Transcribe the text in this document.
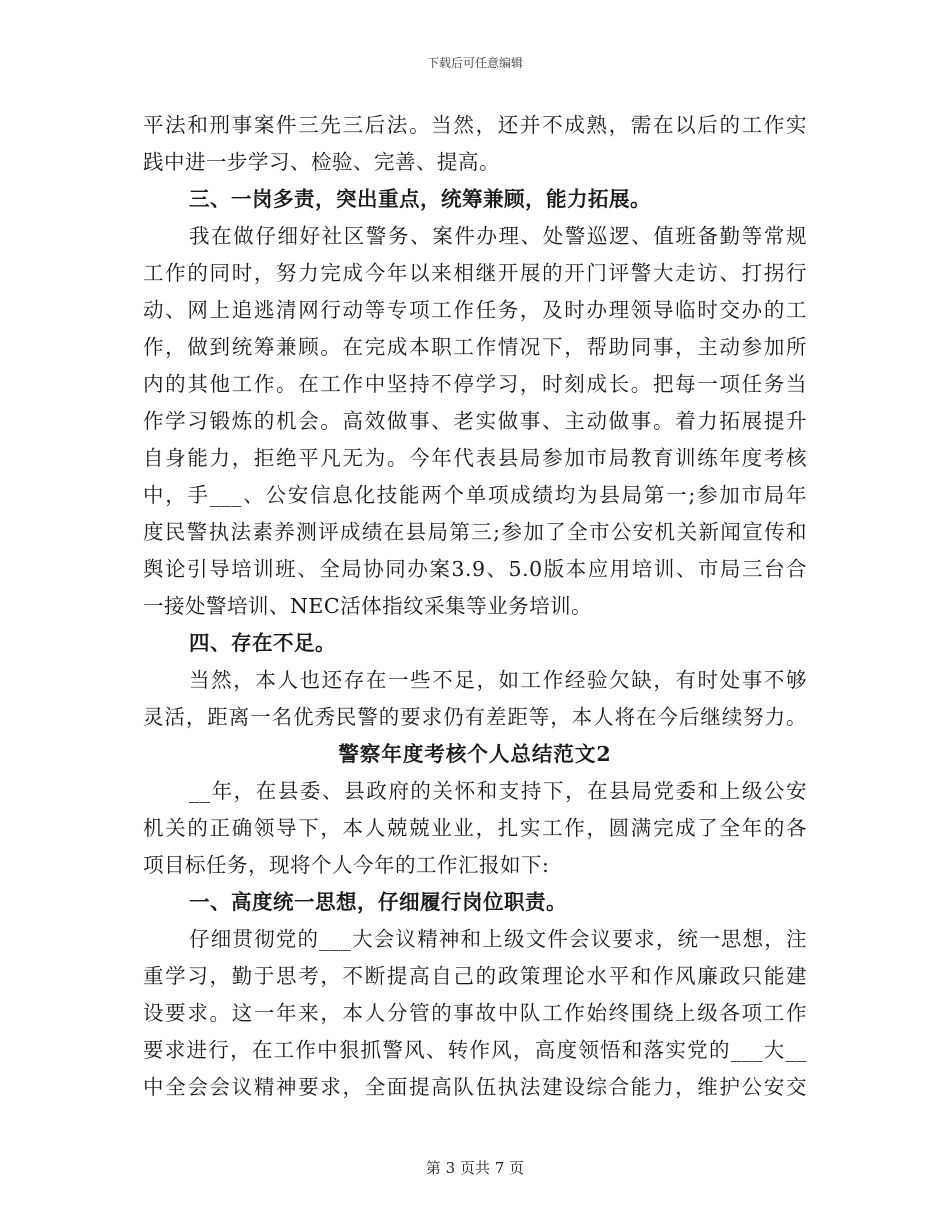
下载后可任意编辑

平法和刑事案件三先三后法。当然，还并不成熟，需在以后的工作实

践中进一步学习、检验、完善、提高。

三、一岗多责，突出重点，统筹兼顾，能力拓展。

我在做仔细好社区警务、案件办理、处警巡逻、值班备勤等常规

工作的同时，努力完成今年以来相继开展的开门评警大走访、打拐行

动、网上追逃清网行动等专项工作任务，及时办理领导临时交办的工

作，做到统筹兼顾。在完成本职工作情况下，帮助同事，主动参加所

内的其他工作。在工作中坚持不停学习，时刻成长。把每一项任务当

作学习锻炼的机会。高效做事、老实做事、主动做事。着力拓展提升

自身能力，拒绝平凡无为。今年代表县局参加市局教育训练年度考核

中，手___、公安信息化技能两个单项成绩均为县局第一;参加市局年

度民警执法素养测评成绩在县局第三;参加了全市公安机关新闻宣传和

舆论引导培训班、全局协同办案3.9、5.0版本应用培训、市局三台合

一接处警培训、NEC活体指纹采集等业务培训。

四、存在不足。

当然，本人也还存在一些不足，如工作经验欠缺，有时处事不够

灵活，距离一名优秀民警的要求仍有差距等，本人将在今后继续努力。

警察年度考核个人总结范文2

__年，在县委、县政府的关怀和支持下，在县局党委和上级公安

机关的正确领导下，本人兢兢业业，扎实工作，圆满完成了全年的各

项目标任务，现将个人今年的工作汇报如下:

一、高度统一思想，仔细履行岗位职责。

仔细贯彻党的___大会议精神和上级文件会议要求，统一思想，注

重学习，勤于思考，不断提高自己的政策理论水平和作风廉政只能建

设要求。这一年来，本人分管的事故中队工作始终围绕上级各项工作

要求进行，在工作中狠抓警风、转作风，高度领悟和落实党的___大__

中全会会议精神要求，全面提高队伍执法建设综合能力，维护公安交

第 3 页共 7 页
